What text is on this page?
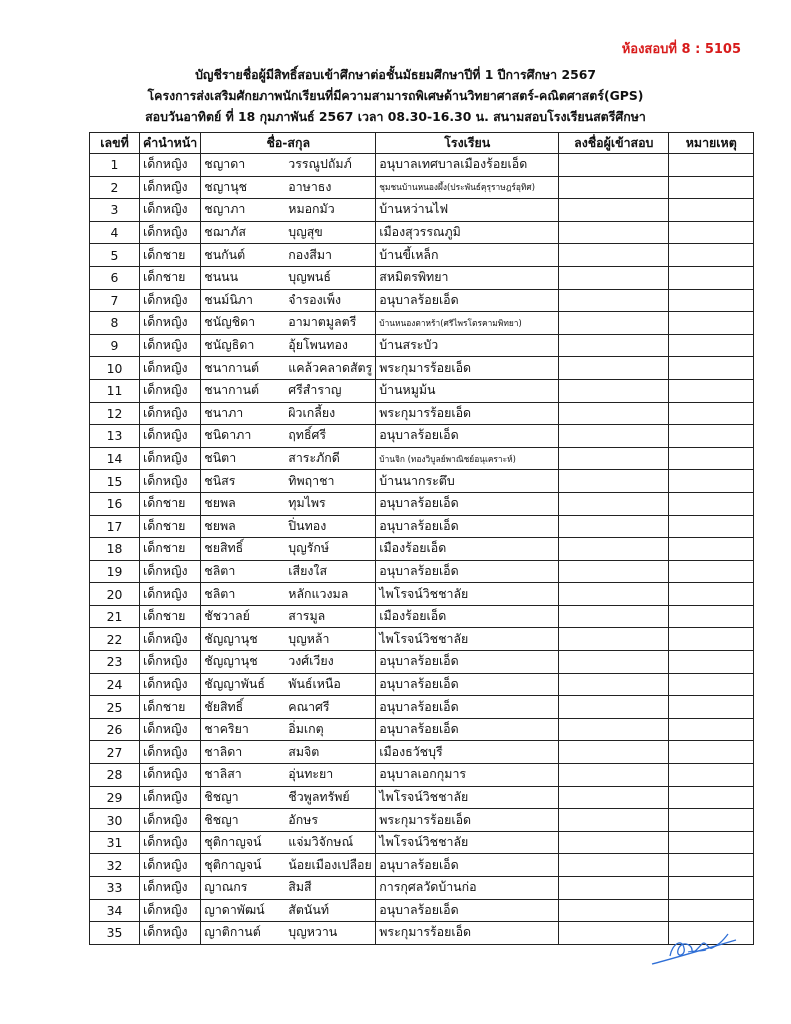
ห้องสอบที่ 8 : 5105
บัญชีรายชื่อผู้มีสิทธิ์สอบเข้าศึกษาต่อชั้นมัธยมศึกษาปีที่ 1 ปีการศึกษา 2567
โครงการส่งเสริมศักยภาพนักเรียนที่มีความสามารถพิเศษด้านวิทยาศาสตร์-คณิตศาสตร์(GPS)
สอบวันอาทิตย์ ที่ 18 กุมภาพันธ์ 2567 เวลา 08.30-16.30 น. สนามสอบโรงเรียนสตรีศึกษา
เลขที่	คำนำหน้า	ชื่อ-สกุล	โรงเรียน	ลงชื่อผู้เข้าสอบ	หมายเหตุ
1	เด็กหญิง	ชญาดา วรรณูปถัมภ์	อนุบาลเทศบาลเมืองร้อยเอ็ด		
2	เด็กหญิง	ชญานุช อาษาธง	ชุมชนบ้านหนองผึ้ง(ประพันธ์คุรุราษฎร์อุทิศ)		
3	เด็กหญิง	ชญาภา หมอกมัว	บ้านหว่านไฟ		
4	เด็กหญิง	ชฌาภัส บุญสุข	เมืองสุวรรณภูมิ		
5	เด็กชาย	ชนกันต์ กองสีมา	บ้านขี้เหล็ก		
6	เด็กชาย	ชนนน บุญพนธ์	สหมิตรพิทยา		
7	เด็กหญิง	ชนม์นิภา จำรองเพ็ง	อนุบาลร้อยเอ็ด		
8	เด็กหญิง	ชนัญชิดา อามาตมูลตรี	บ้านหนองตาหร้า(ศรีไพรโตรคามพิทยา)		
9	เด็กหญิง	ชนัญธิดา อุ้ยโพนทอง	บ้านสระบัว		
10	เด็กหญิง	ชนากานต์ แคล้วคลาดสัตรู	พระกุมารร้อยเอ็ด		
11	เด็กหญิง	ชนากานต์ ศรีสำราญ	บ้านหมูม้น		
12	เด็กหญิง	ชนาภา ผิวเกลี้ยง	พระกุมารร้อยเอ็ด		
13	เด็กหญิง	ชนิดาภา ฤทธิ์ศรี	อนุบาลร้อยเอ็ด		
14	เด็กหญิง	ชนิตา สาระภักดี	บ้านจิก (ทองวิบูลย์พาณิชย์อนุเคราะห์)		
15	เด็กหญิง	ชนิสร ทิพฤาชา	บ้านนากระตึบ		
16	เด็กชาย	ชยพล ทุมไพร	อนุบาลร้อยเอ็ด		
17	เด็กชาย	ชยพล ปิ่นทอง	อนุบาลร้อยเอ็ด		
18	เด็กชาย	ชยสิทธิ์ บุญรักษ์	เมืองร้อยเอ็ด		
19	เด็กหญิง	ชลิตา เสียงใส	อนุบาลร้อยเอ็ด		
20	เด็กหญิง	ชลิตา หลักแวงมล	ไพโรจน์วิชชาลัย		
21	เด็กชาย	ชัชวาลย์ สารมูล	เมืองร้อยเอ็ด		
22	เด็กหญิง	ชัญญานุช บุญหล้า	ไพโรจน์วิชชาลัย		
23	เด็กหญิง	ชัญญานุช วงศ์เวียง	อนุบาลร้อยเอ็ด		
24	เด็กหญิง	ชัญญาพันธ์ พันธ์เหนือ	อนุบาลร้อยเอ็ด		
25	เด็กชาย	ชัยสิทธิ์ คณาศรี	อนุบาลร้อยเอ็ด		
26	เด็กหญิง	ชาคริยา อิ่มเกตุ	อนุบาลร้อยเอ็ด		
27	เด็กหญิง	ชาลิดา สมจิต	เมืองธวัชบุรี		
28	เด็กหญิง	ชาลิสา อุ่นทะยา	อนุบาลเอกกุมาร		
29	เด็กหญิง	ชิชญา ชีวพูลทรัพย์	ไพโรจน์วิชชาลัย		
30	เด็กหญิง	ชิชญา อักษร	พระกุมารร้อยเอ็ด		
31	เด็กหญิง	ชุติกาญจน์ แจ่มวิจักษณ์	ไพโรจน์วิชชาลัย		
32	เด็กหญิง	ชุติกาญจน์ น้อยเมืองเปลือย	อนุบาลร้อยเอ็ด		
33	เด็กหญิง	ญาณกร สิมสี	การกุศลวัดบ้านก่อ		
34	เด็กหญิง	ญาดาพัฒน์ สัตนันท์	อนุบาลร้อยเอ็ด		
35	เด็กหญิง	ญาติกานต์ บุญหวาน	พระกุมารร้อยเอ็ด		
